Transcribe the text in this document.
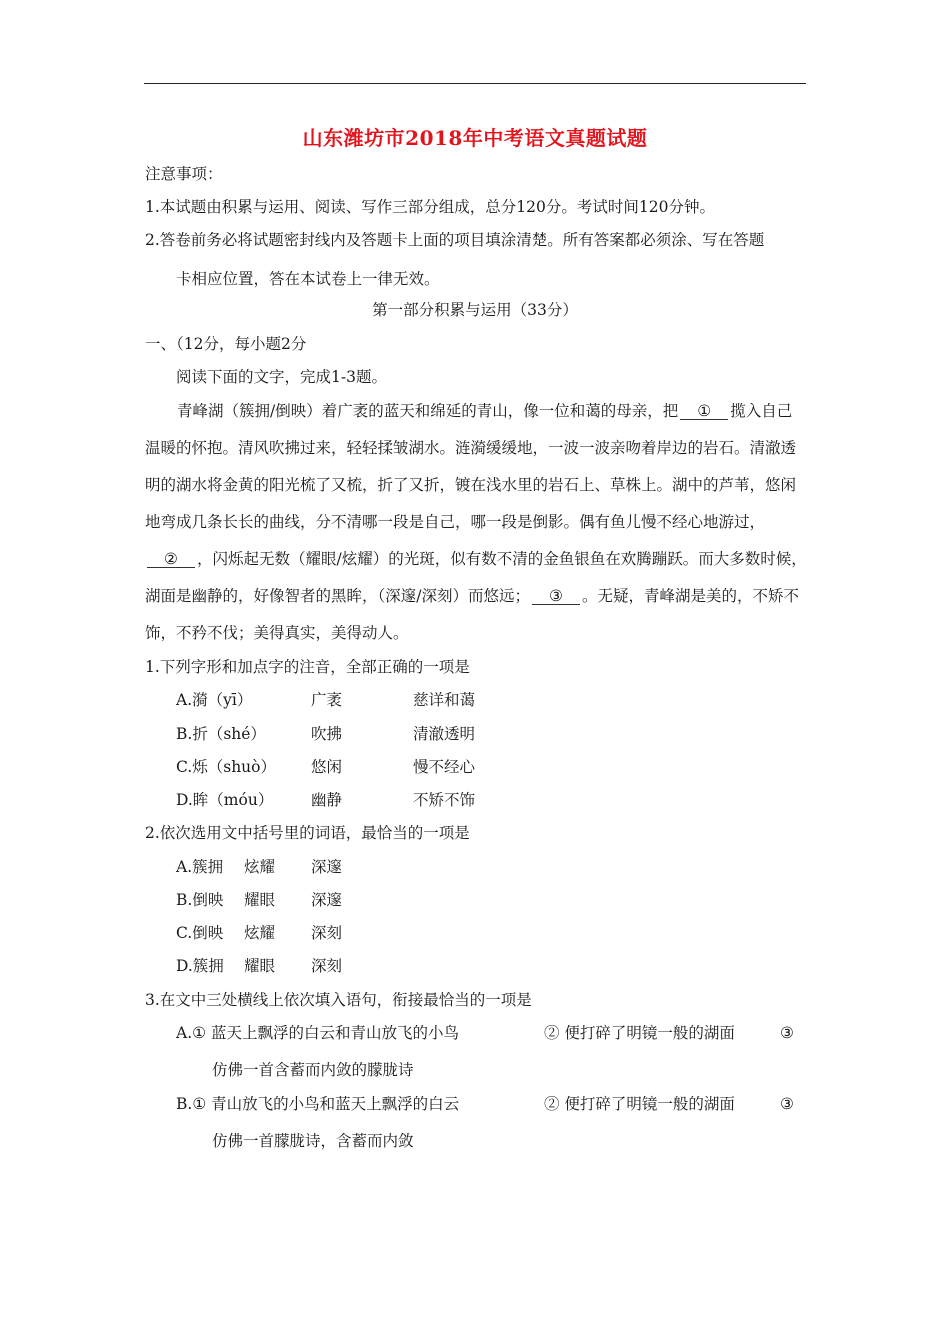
山东潍坊市2018年中考语文真题试题
注意事项：
1.本试题由积累与运用、阅读、写作三部分组成，总分120分。考试时间120分钟。
2.答卷前务必将试题密封线内及答题卡上面的项目填涂清楚。所有答案都必须涂、写在答题
卡相应位置，答在本试卷上一律无效。
第一部分积累与运用（33分）
一、（12分，每小题2分
阅读下面的文字，完成1-3题。
青峰湖（簇拥/倒映）着广袤的蓝天和绵延的青山，像一位和蔼的母亲，把 ① 揽入自己温暖的怀抱。清风吹拂过来，轻轻揉皱湖水。涟漪缓缓地，一波一波亲吻着岸边的岩石。清澈透明的湖水将金黄的阳光梳了又梳，折了又折，镀在浅水里的岩石上、草株上。湖中的芦苇，悠闲地弯成几条长长的曲线，分不清哪一段是自己，哪一段是倒影。偶有鱼儿慢不经心地游过，② ，闪烁起无数（耀眼/炫耀）的光斑，似有数不清的金鱼银鱼在欢腾蹦跃。而大多数时候，湖面是幽静的，好像智者的黑眸，（深邃/深刻）而悠远； ③ 。无疑，青峰湖是美的，不矫不饰，不矜不伐；美得真实，美得动人。
1.下列字形和加点字的注音，全部正确的一项是
A.漪（yī）	广袤	慈详和蔼
B.折（shé）	吹拂	清澈透明
C.烁（shuò） 悠闲	慢不经心
D.眸（móu） 幽静	不矫不饰
2.依次选用文中括号里的词语，最恰当的一项是
A.簇拥 炫耀 深邃
B.倒映 耀眼 深邃
C.倒映 炫耀 深刻
D.簇拥 耀眼 深刻
3.在文中三处横线上依次填入语句，衔接最恰当的一项是
A.① 蓝天上飘浮的白云和青山放飞的小鸟	② 便打碎了明镜一般的湖面	③
仿佛一首含蓄而内敛的朦胧诗
B.① 青山放飞的小鸟和蓝天上飘浮的白云	② 便打碎了明镜一般的湖面	③
仿佛一首朦胧诗，含蓄而内敛
